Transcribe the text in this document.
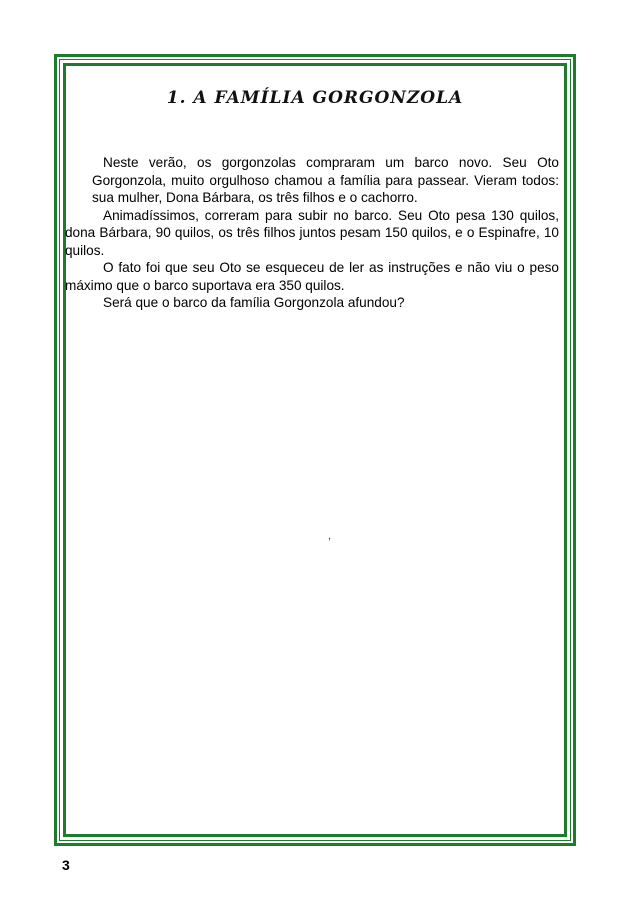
1. A FAMÍLIA GORGONZOLA

Neste verão, os gorgonzolas compraram um barco novo. Seu Oto Gorgonzola, muito orgulhoso chamou a família para passear. Vieram todos: sua mulher, Dona Bárbara, os três filhos e o cachorro.

Animadíssimos, correram para subir no barco. Seu Oto pesa 130 quilos, dona Bárbara, 90 quilos, os três filhos juntos pesam 150 quilos, e o Espinafre, 10 quilos.

O fato foi que seu Oto se esqueceu de ler as instruções e não viu o peso máximo que o barco suportava era 350 quilos.

Será que o barco da família Gorgonzola afundou?

,
3
